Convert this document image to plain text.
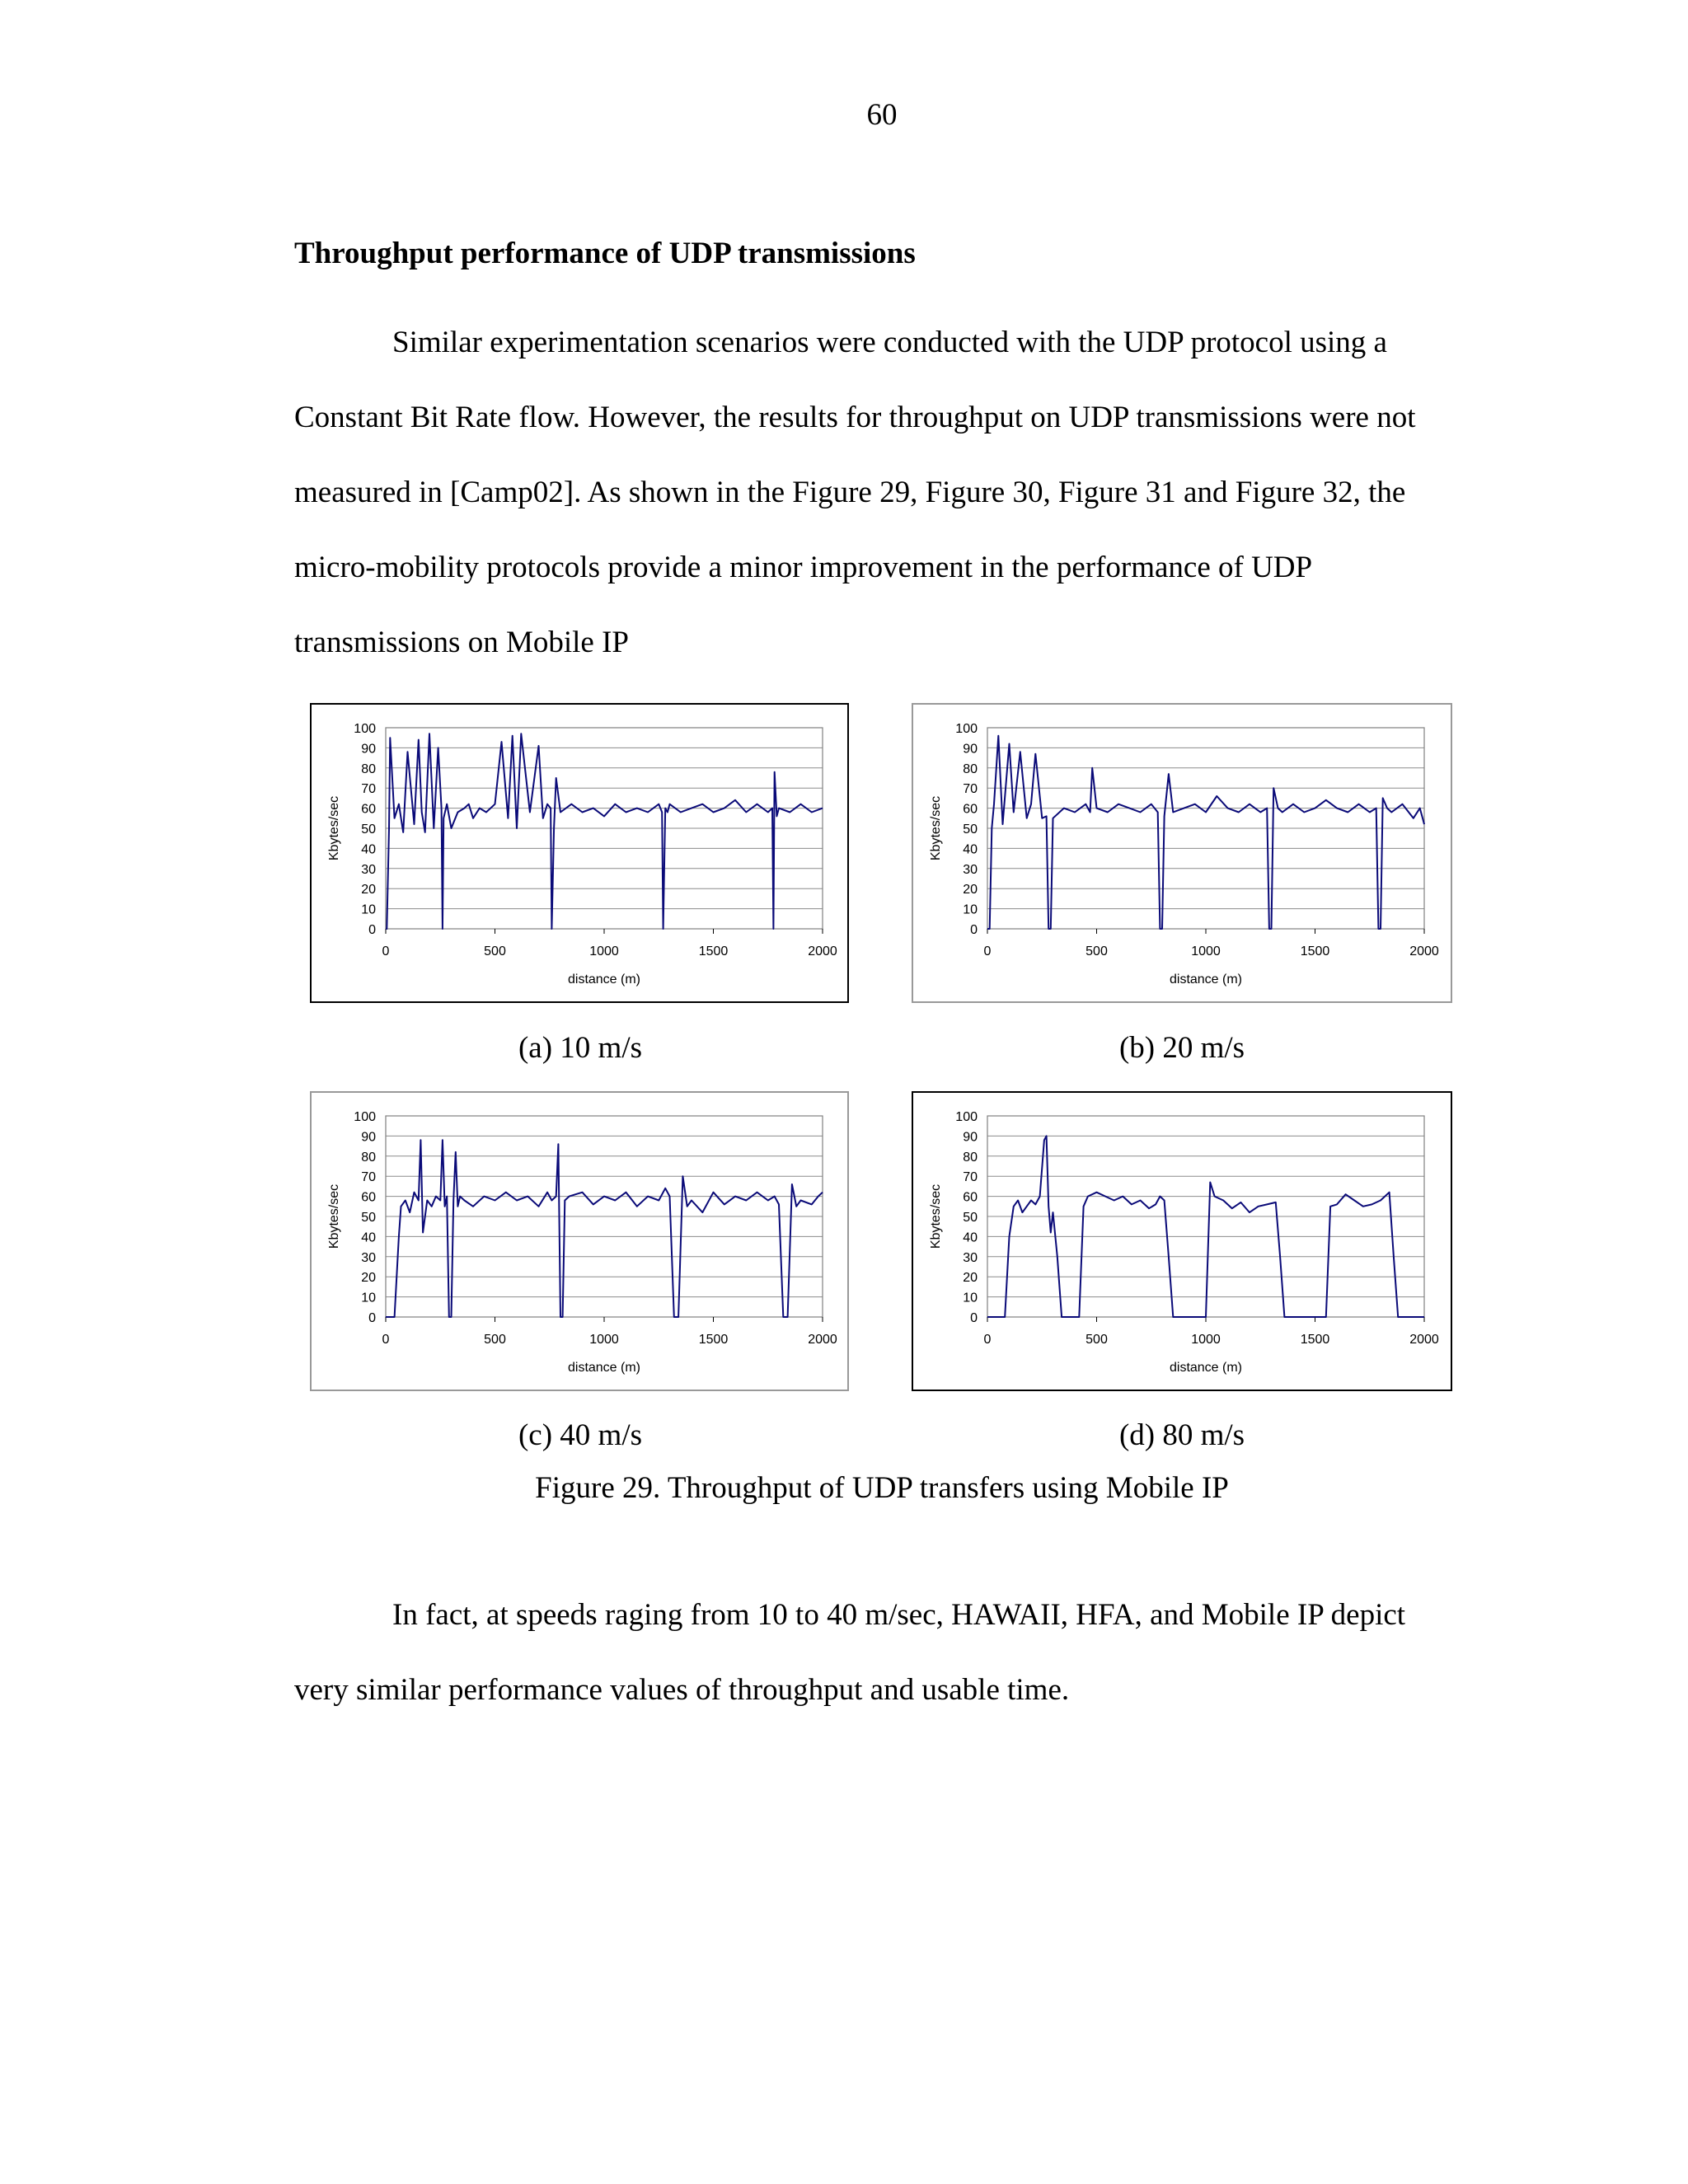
60
Throughput performance of UDP transmissions

Similar experimentation scenarios were conducted with the UDP protocol using a Constant Bit Rate flow. However, the results for throughput on UDP transmissions were not measured in [Camp02]. As shown in the Figure 29, Figure 30, Figure 31 and Figure 32, the micro-mobility protocols provide a minor improvement in the performance of UDP transmissions on Mobile IP

0
10
20
30
40
50
60
70
80
90
100
0	500	1000	1500	2000
distance (m)
Kbytes/sec
(a) 10 m/s
0
10
20
30
40
50
60
70
80
90
100
0	500	1000	1500	2000
distance (m)
Kbytes/sec
(b) 20 m/s
0
10
20
30
40
50
60
70
80
90
100
0	500	1000	1500	2000
distance (m)
Kbytes/sec
(c) 40 m/s
0
10
20
30
40
50
60
70
80
90
100
0	500	1000	1500	2000
distance (m)
Kbytes/sec
(d) 80 m/s
Figure 29. Throughput of UDP transfers using Mobile IP

In fact, at speeds raging from 10 to 40 m/sec, HAWAII, HFA, and Mobile IP depict very similar performance values of throughput and usable time.
